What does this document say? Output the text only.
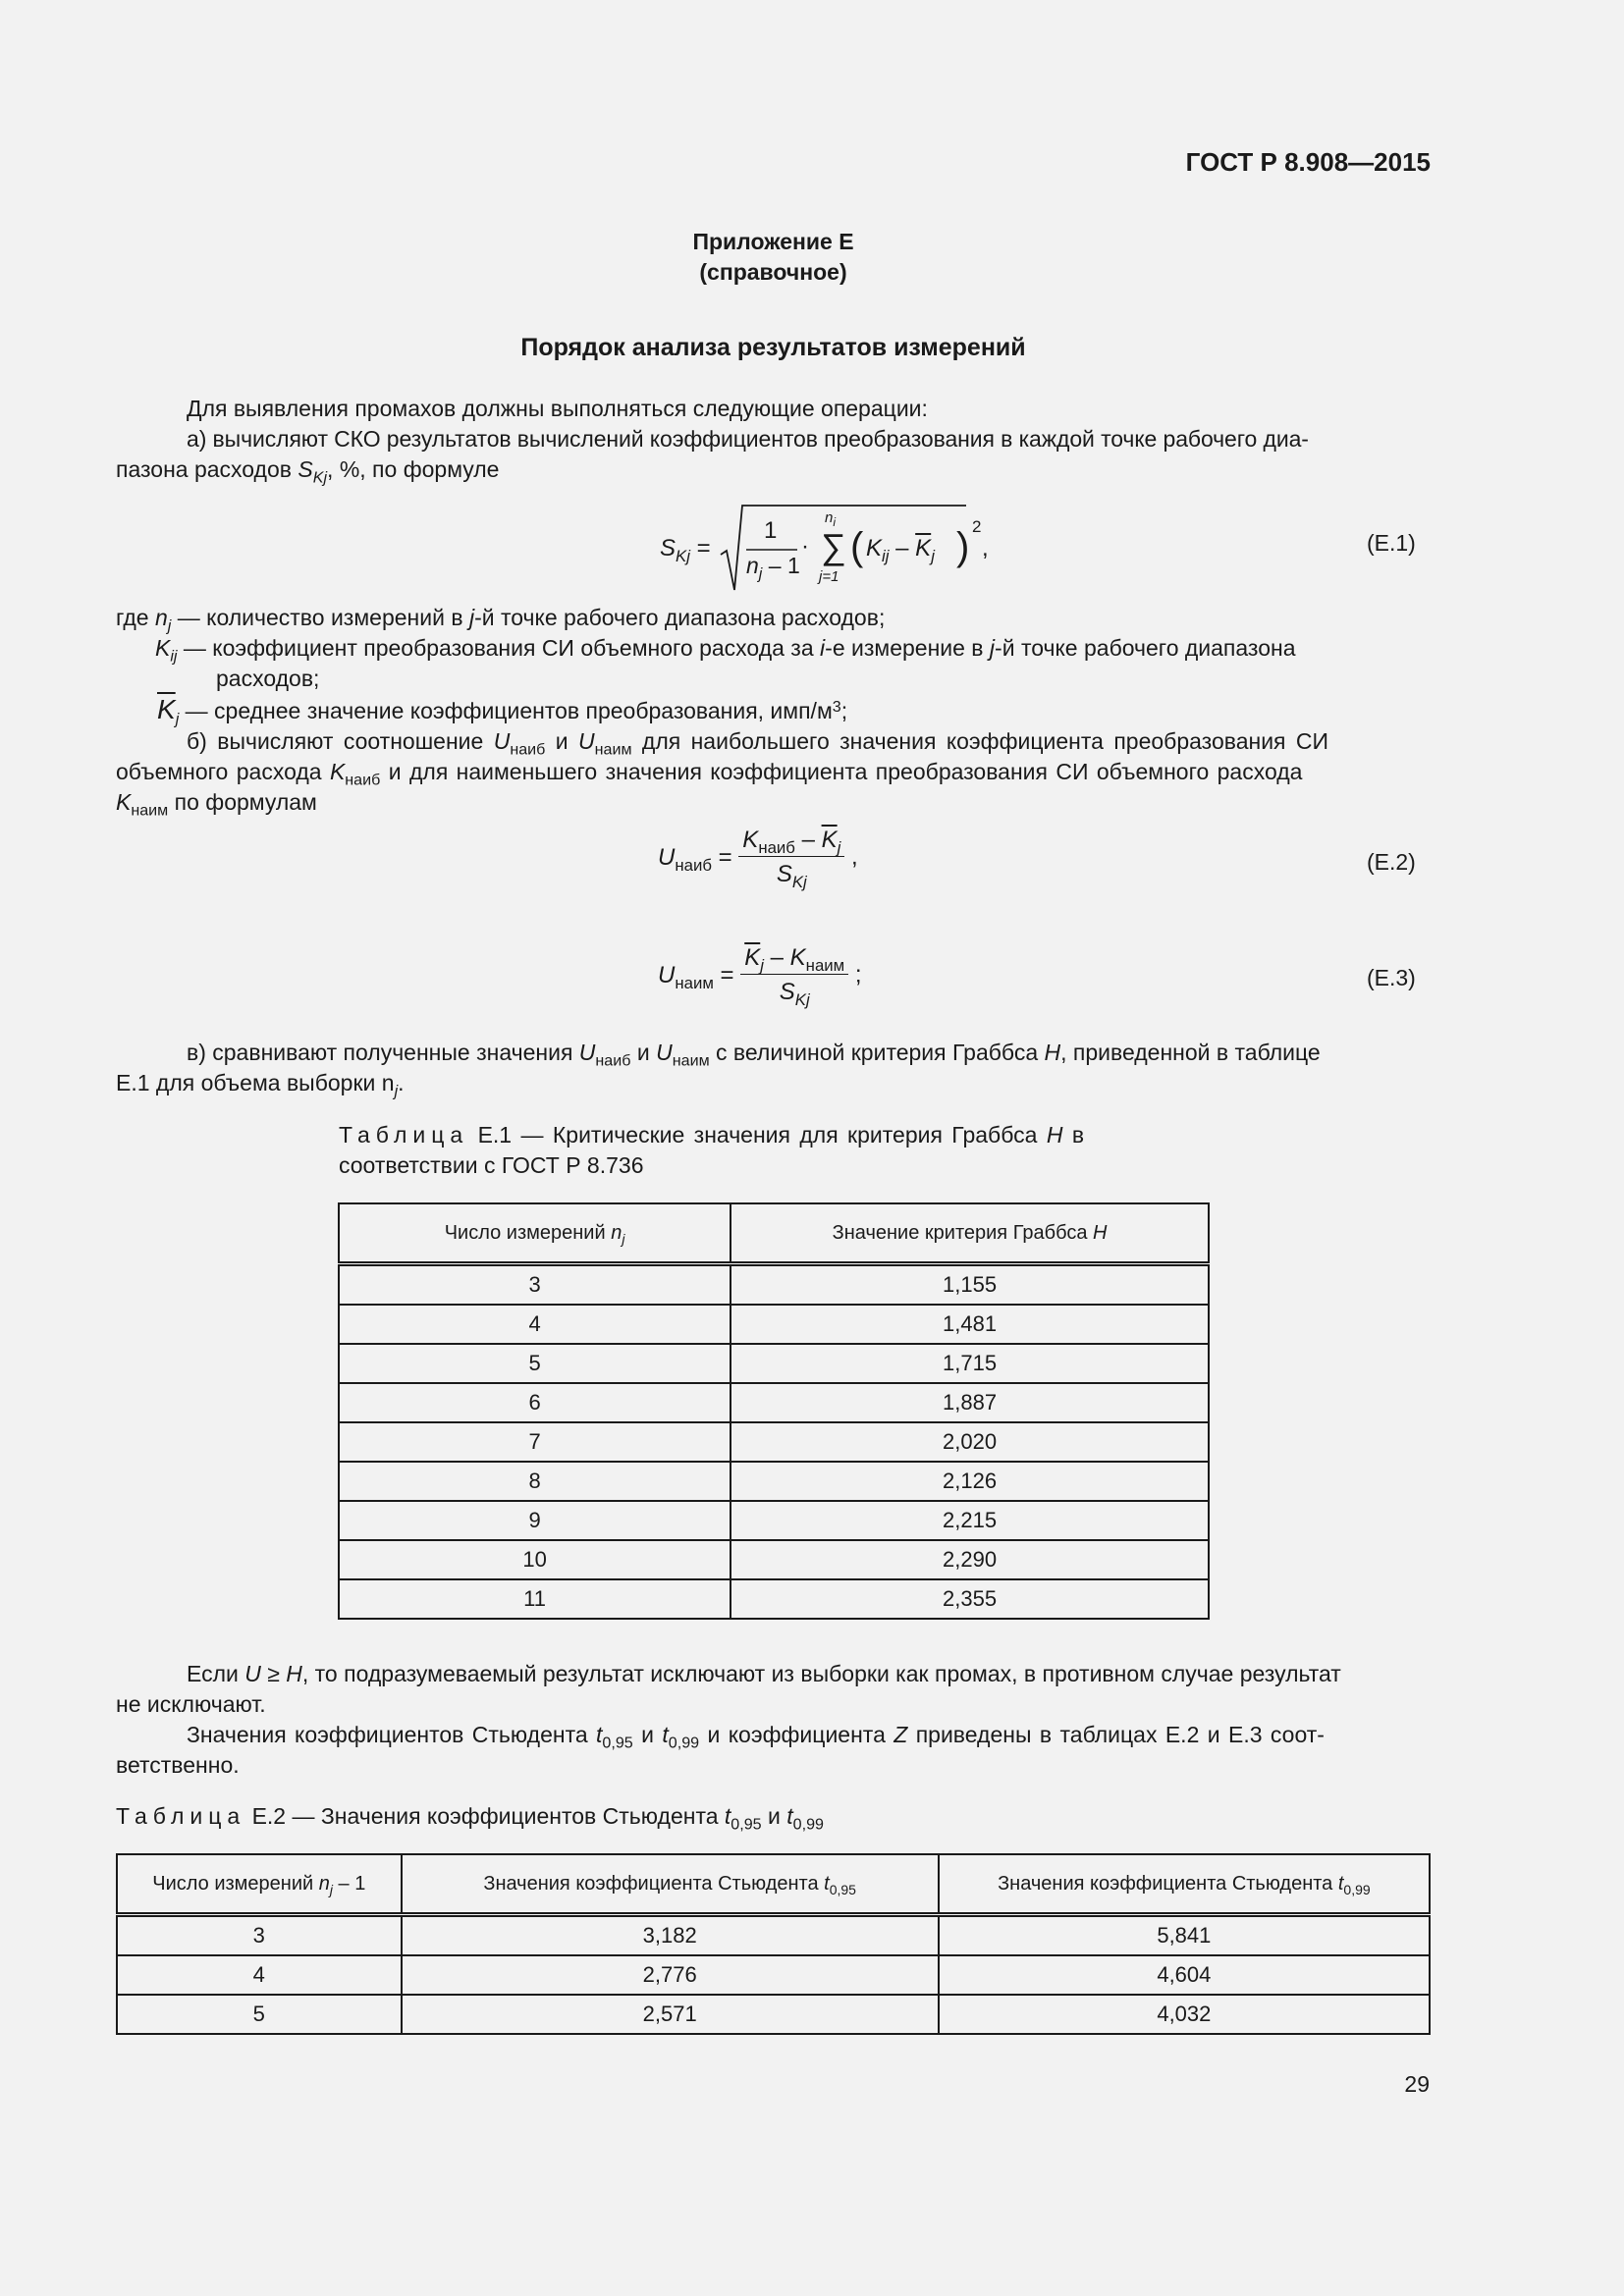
ГОСТ Р 8.908—2015
Приложение Е
(справочное)
Порядок анализа результатов измерений
Для выявления промахов должны выполняться следующие операции:
а) вычисляют СКО результатов вычислений коэффициентов преобразования в каждой точке рабочего диа-
пазона расходов $S_{Kj}$, %, по формуле
$S_{Kj}$ =
1
$n_j - 1$
· ∑
$n_i$
j=1
( $K_{ij} - \overline{K}_j$ ) 2
,	(Е.1)
где $n_j$ — количество измерений в j-й точке рабочего диапазона расходов;
$K_{ij}$ — коэффициент преобразования СИ объемного расхода за i-е измерение в j-й точке рабочего диапазона
расходов;
$\overline{K}_j$ — среднее значение коэффициентов преобразования, имп/$м^3$;
б) вычисляют соотношение $U_{наиб}$ и $U_{наим}$ для наибольшего значения коэффициента преобразования СИ
объемного расхода $K_{наиб}$ и для наименьшего значения коэффициента преобразования СИ объемного расхода
$K_{наим}$ по формулам
$U_{наиб} = \frac{K_{наиб} - \overline{K}_j}{S_{Kj}}$ ,	(Е.2)
$U_{наим} = \frac{\overline{K}_j - K_{наим}}{S_{Kj}}$ ;	(Е.3)
в) сравнивают полученные значения $U_{наиб}$ и $U_{наим}$ с величиной критерия Граббса H, приведенной в таблице
Е.1 для объема выборки $n_j$.
Таблица Е.1 — Критические значения для критерия Граббса H в
соответствии с ГОСТ Р 8.736
Число измерений $n_j$	Значение критерия Граббса H
3	1,155
4	1,481
5	1,715
6	1,887
7	2,020
8	2,126
9	2,215
10	2,290
11	2,355
Если U ≥ H, то подразумеваемый результат исключают из выборки как промах, в противном случае результат
не исключают.
Значения коэффициентов Стьюдента $t_{0,95}$ и $t_{0,99}$ и коэффициента Z приведены в таблицах Е.2 и Е.3 соот-
ветственно.
Таблица Е.2 — Значения коэффициентов Стьюдента $t_{0,95}$ и $t_{0,99}$
Число измерений $n_j - 1$	Значения коэффициента Стьюдента $t_{0,95}$	Значения коэффициента Стьюдента $t_{0,99}$
3	3,182	5,841
4	2,776	4,604
5	2,571	4,032
29
